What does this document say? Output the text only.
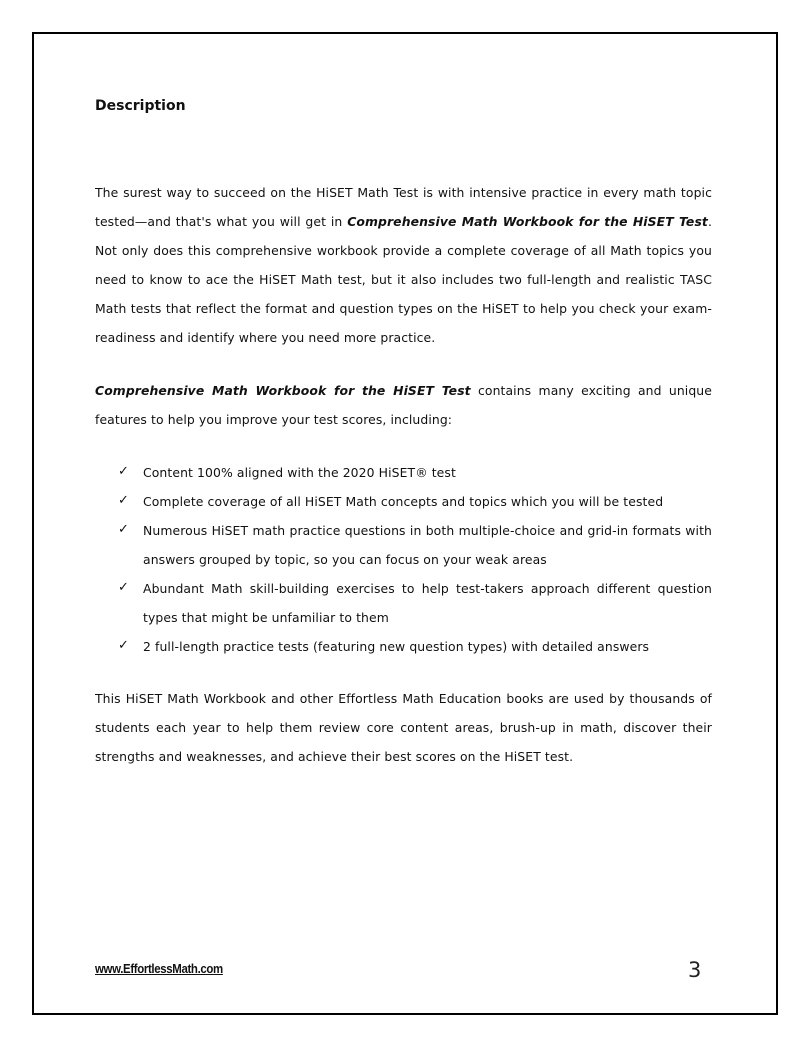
Description

The surest way to succeed on the HiSET Math Test is with intensive practice in every math topic tested—and that's what you will get in Comprehensive Math Workbook for the HiSET Test. Not only does this comprehensive workbook provide a complete coverage of all Math topics you need to know to ace the HiSET Math test, but it also includes two full-length and realistic TASC Math tests that reflect the format and question types on the HiSET to help you check your exam-readiness and identify where you need more practice.

Comprehensive Math Workbook for the HiSET Test contains many exciting and unique features to help you improve your test scores, including:

✓ Content 100% aligned with the 2020 HiSET® test
✓ Complete coverage of all HiSET Math concepts and topics which you will be tested
✓ Numerous HiSET math practice questions in both multiple-choice and grid-in formats with answers grouped by topic, so you can focus on your weak areas
✓ Abundant Math skill-building exercises to help test-takers approach different question types that might be unfamiliar to them
✓ 2 full-length practice tests (featuring new question types) with detailed answers

This HiSET Math Workbook and other Effortless Math Education books are used by thousands of students each year to help them review core content areas, brush-up in math, discover their strengths and weaknesses, and achieve their best scores on the HiSET test.

www.EffortlessMath.com	3
